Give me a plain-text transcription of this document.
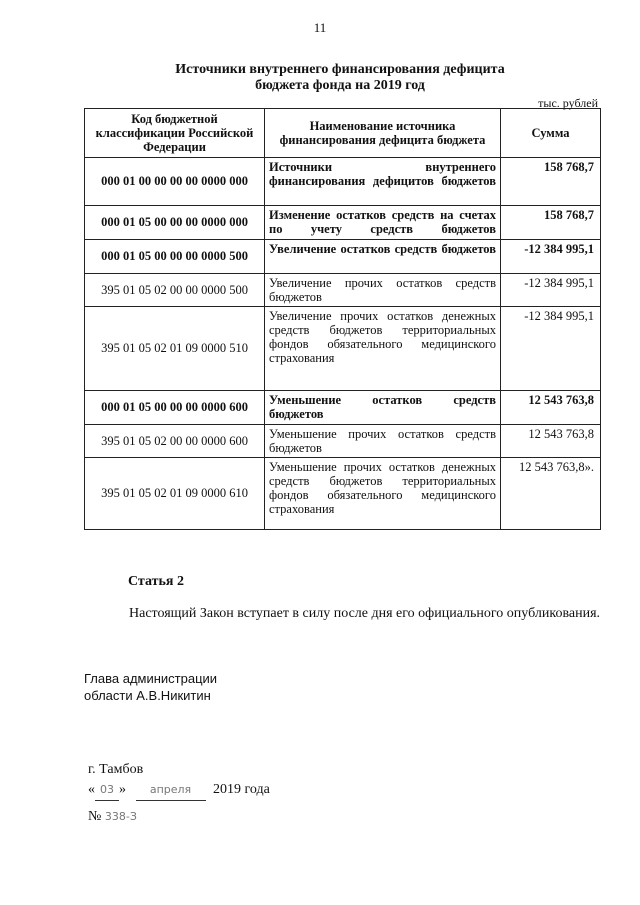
11
Источники внутреннего финансирования дефицита
бюджета фонда на 2019 год
тыс. рублей
Код бюджетной классификации Российской Федерации	Наименование источника финансирования дефицита бюджета	Сумма
000 01 00 00 00 00 0000 000	Источники внутреннего финансирования дефицитов бюджетов	158 768,7
000 01 05 00 00 00 0000 000	Изменение остатков средств на счетах по учету средств бюджетов	158 768,7
000 01 05 00 00 00 0000 500	Увеличение остатков средств бюджетов	-12 384 995,1
395 01 05 02 00 00 0000 500	Увеличение прочих остатков средств бюджетов	-12 384 995,1
395 01 05 02 01 09 0000 510	Увеличение прочих остатков денежных средств бюджетов территориальных фондов обязательного медицинского страхования	-12 384 995,1
000 01 05 00 00 00 0000 600	Уменьшение остатков средств бюджетов	12 543 763,8
395 01 05 02 00 00 0000 600	Уменьшение прочих остатков средств бюджетов	12 543 763,8
395 01 05 02 01 09 0000 610	Уменьшение прочих остатков денежных средств бюджетов территориальных фондов обязательного медицинского страхования	12 543 763,8».
Статья 2
Настоящий Закон вступает в силу после дня его официального опубликования.
Глава администрации
области А.В.Никитин
г. Тамбов
« 03 » апреля 2019 года
№ 338-З
